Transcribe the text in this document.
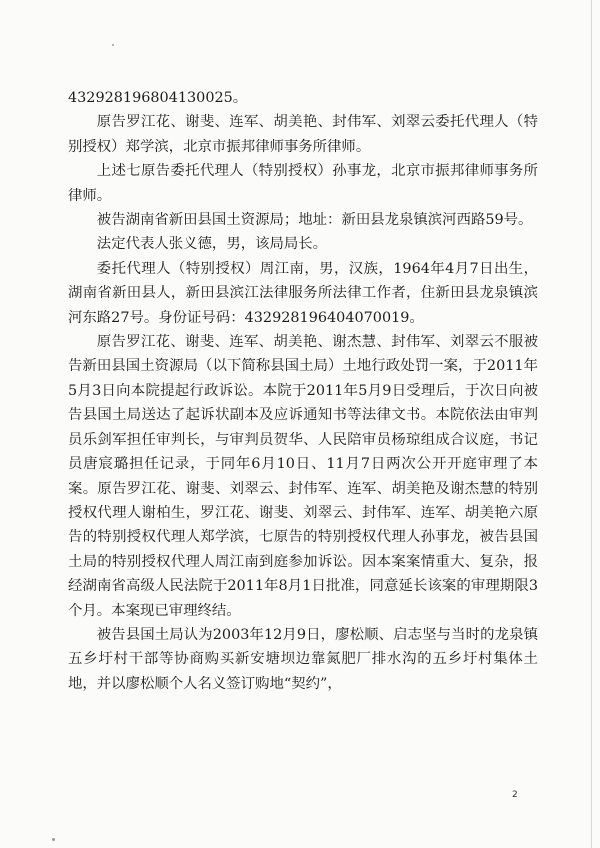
432928196804130025。

原告罗江花、谢斐、连军、胡美艳、封伟军、刘翠云委托代理人（特别授权）郑学滨，北京市振邦律师事务所律师。

上述七原告委托代理人（特别授权）孙事龙，北京市振邦律师事务所律师。

被告湖南省新田县国土资源局；地址：新田县龙泉镇滨河西路59号。

法定代表人张义德，男，该局局长。

委托代理人（特别授权）周江南，男，汉族，1964年4月7日出生，湖南省新田县人，新田县滨江法律服务所法律工作者，住新田县龙泉镇滨河东路27号。身份证号码：432928196404070019。

原告罗江花、谢斐、连军、胡美艳、谢杰慧、封伟军、刘翠云不服被告新田县国土资源局（以下简称县国土局）土地行政处罚一案，于2011年5月3日向本院提起行政诉讼。本院于2011年5月9日受理后，于次日向被告县国土局送达了起诉状副本及应诉通知书等法律文书。本院依法由审判员乐剑军担任审判长，与审判员贺华、人民陪审员杨琼组成合议庭，书记员唐宸璐担任记录，于同年6月10日、11月7日两次公开开庭审理了本案。原告罗江花、谢斐、刘翠云、封伟军、连军、胡美艳及谢杰慧的特别授权代理人谢柏生，罗江花、谢斐、刘翠云、封伟军、连军、胡美艳六原告的特别授权代理人郑学滨，七原告的特别授权代理人孙事龙，被告县国土局的特别授权代理人周江南到庭参加诉讼。因本案案情重大、复杂，报经湖南省高级人民法院于2011年8月1日批准，同意延长该案的审理期限3个月。本案现已审理终结。

被告县国土局认为2003年12月9日，廖松顺、启志坚与当时的龙泉镇五乡圩村干部等协商购买新安塘坝边靠氮肥厂排水沟的五乡圩村集体土地，并以廖松顺个人名义签订购地“契约”，

2
